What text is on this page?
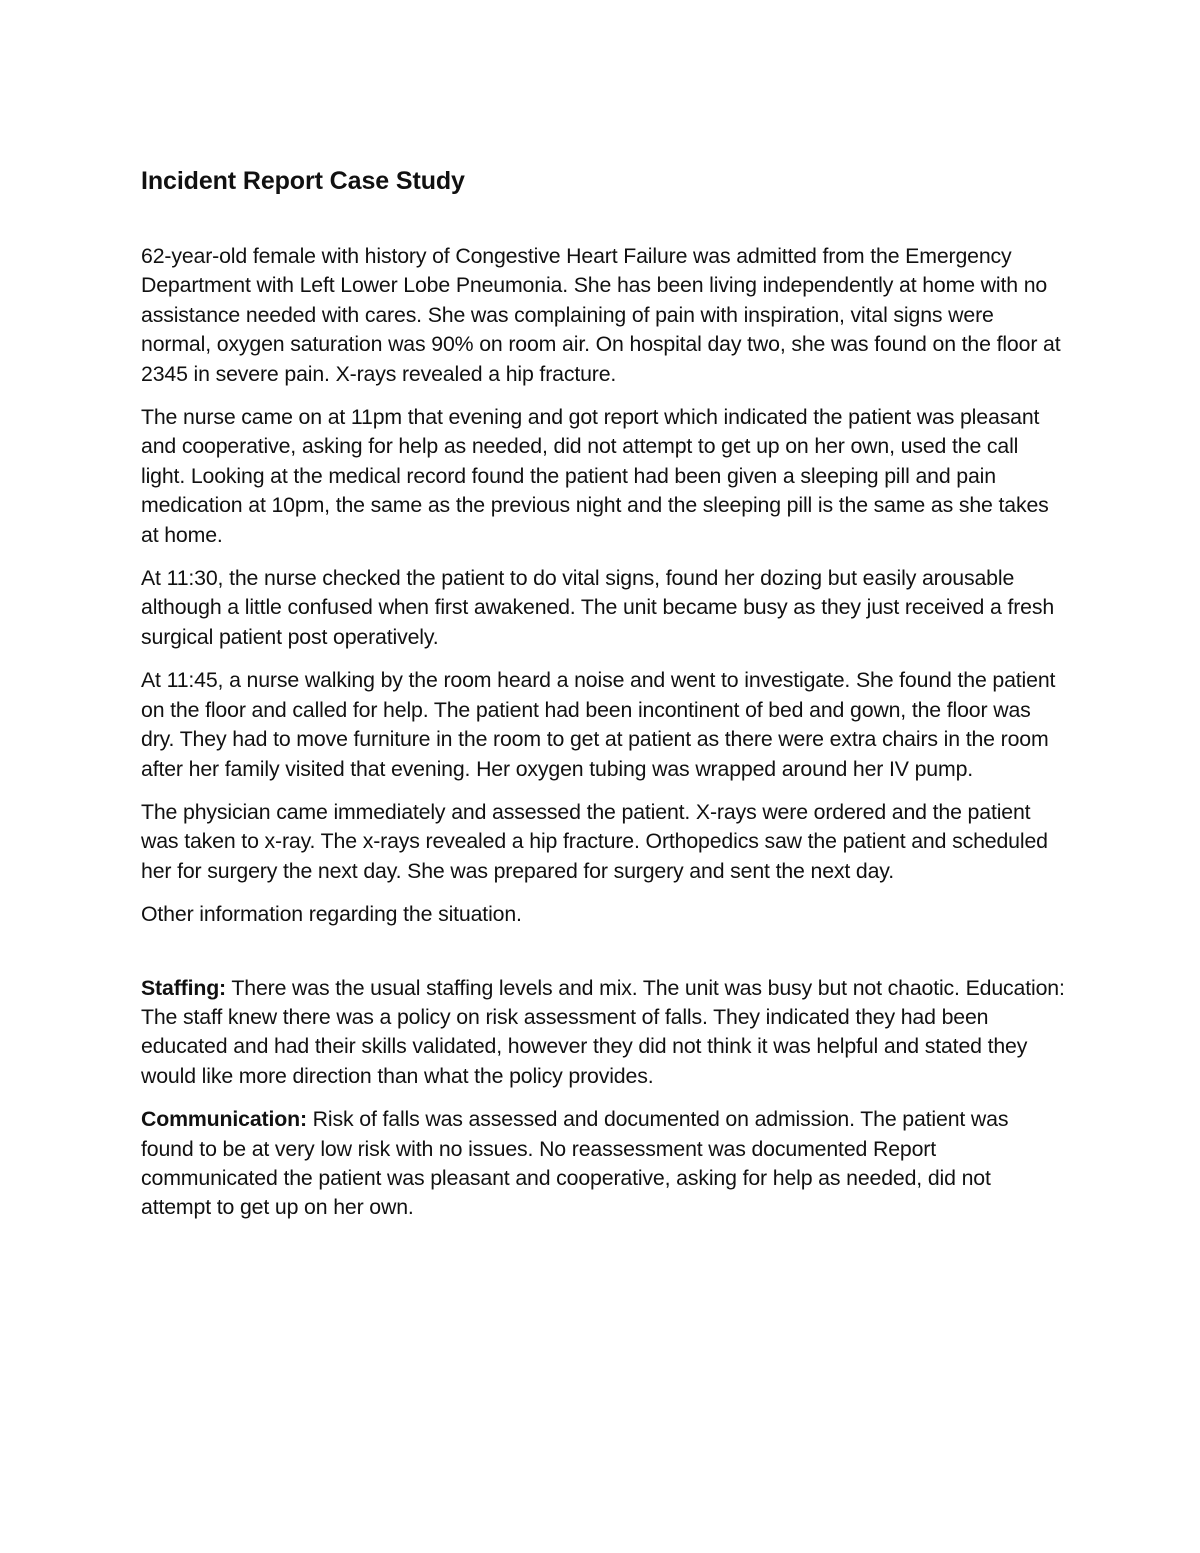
Incident Report Case Study

62-year-old female with history of Congestive Heart Failure was admitted from the Emergency Department with Left Lower Lobe Pneumonia. She has been living independently at home with no assistance needed with cares. She was complaining of pain with inspiration, vital signs were normal, oxygen saturation was 90% on room air. On hospital day two, she was found on the floor at 2345 in severe pain. X-rays revealed a hip fracture.

The nurse came on at 11pm that evening and got report which indicated the patient was pleasant and cooperative, asking for help as needed, did not attempt to get up on her own, used the call light. Looking at the medical record found the patient had been given a sleeping pill and pain medication at 10pm, the same as the previous night and the sleeping pill is the same as she takes at home.

At 11:30, the nurse checked the patient to do vital signs, found her dozing but easily arousable although a little confused when first awakened. The unit became busy as they just received a fresh surgical patient post operatively.

At 11:45, a nurse walking by the room heard a noise and went to investigate. She found the patient on the floor and called for help. The patient had been incontinent of bed and gown, the floor was dry. They had to move furniture in the room to get at patient as there were extra chairs in the room after her family visited that evening. Her oxygen tubing was wrapped around her IV pump.

The physician came immediately and assessed the patient. X-rays were ordered and the patient was taken to x-ray. The x-rays revealed a hip fracture. Orthopedics saw the patient and scheduled her for surgery the next day. She was prepared for surgery and sent the next day.

Other information regarding the situation.

Staffing: There was the usual staffing levels and mix. The unit was busy but not chaotic. Education: The staff knew there was a policy on risk assessment of falls. They indicated they had been educated and had their skills validated, however they did not think it was helpful and stated they would like more direction than what the policy provides.

Communication: Risk of falls was assessed and documented on admission. The patient was found to be at very low risk with no issues. No reassessment was documented Report communicated the patient was pleasant and cooperative, asking for help as needed, did not attempt to get up on her own.
